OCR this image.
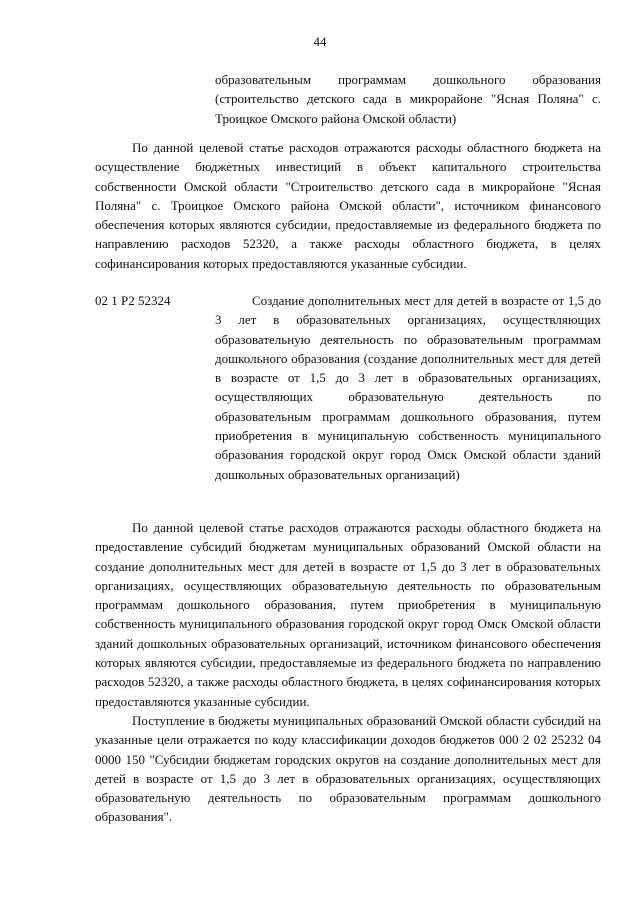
44
образовательным программам дошкольного образования (строительство детского сада в микрорайоне "Ясная Поляна" с. Троицкое Омского района Омской области)
По данной целевой статье расходов отражаются расходы областного бюджета на осуществление бюджетных инвестиций в объект капитального строительства собственности Омской области "Строительство детского сада в микрорайоне "Ясная Поляна" с. Троицкое Омского района Омской области", источником финансового обеспечения которых являются субсидии, предоставляемые из федерального бюджета по направлению расходов 52320, а также расходы областного бюджета, в целях софинансирования которых предоставляются указанные субсидии.
02 1 P2 52324	Создание дополнительных мест для детей в возрасте от 1,5 до 3 лет в образовательных организациях, осуществляющих образовательную деятельность по образовательным программам дошкольного образования (создание дополнительных мест для детей в возрасте от 1,5 до 3 лет в образовательных организациях, осуществляющих образовательную деятельность по образовательным программам дошкольного образования, путем приобретения в муниципальную собственность муниципального образования городской округ город Омск Омской области зданий дошкольных образовательных организаций)
По данной целевой статье расходов отражаются расходы областного бюджета на предоставление субсидий бюджетам муниципальных образований Омской области на создание дополнительных мест для детей в возрасте от 1,5 до 3 лет в образовательных организациях, осуществляющих образовательную деятельность по образовательным программам дошкольного образования, путем приобретения в муниципальную собственность муниципального образования городской округ город Омск Омской области зданий дошкольных образовательных организаций, источником финансового обеспечения которых являются субсидии, предоставляемые из федерального бюджета по направлению расходов 52320, а также расходы областного бюджета, в целях софинансирования которых предоставляются указанные субсидии.
Поступление в бюджеты муниципальных образований Омской области субсидий на указанные цели отражается по коду классификации доходов бюджетов 000 2 02 25232 04 0000 150 "Субсидии бюджетам городских округов на создание дополнительных мест для детей в возрасте от 1,5 до 3 лет в образовательных организациях, осуществляющих образовательную деятельность по образовательным программам дошкольного образования".
